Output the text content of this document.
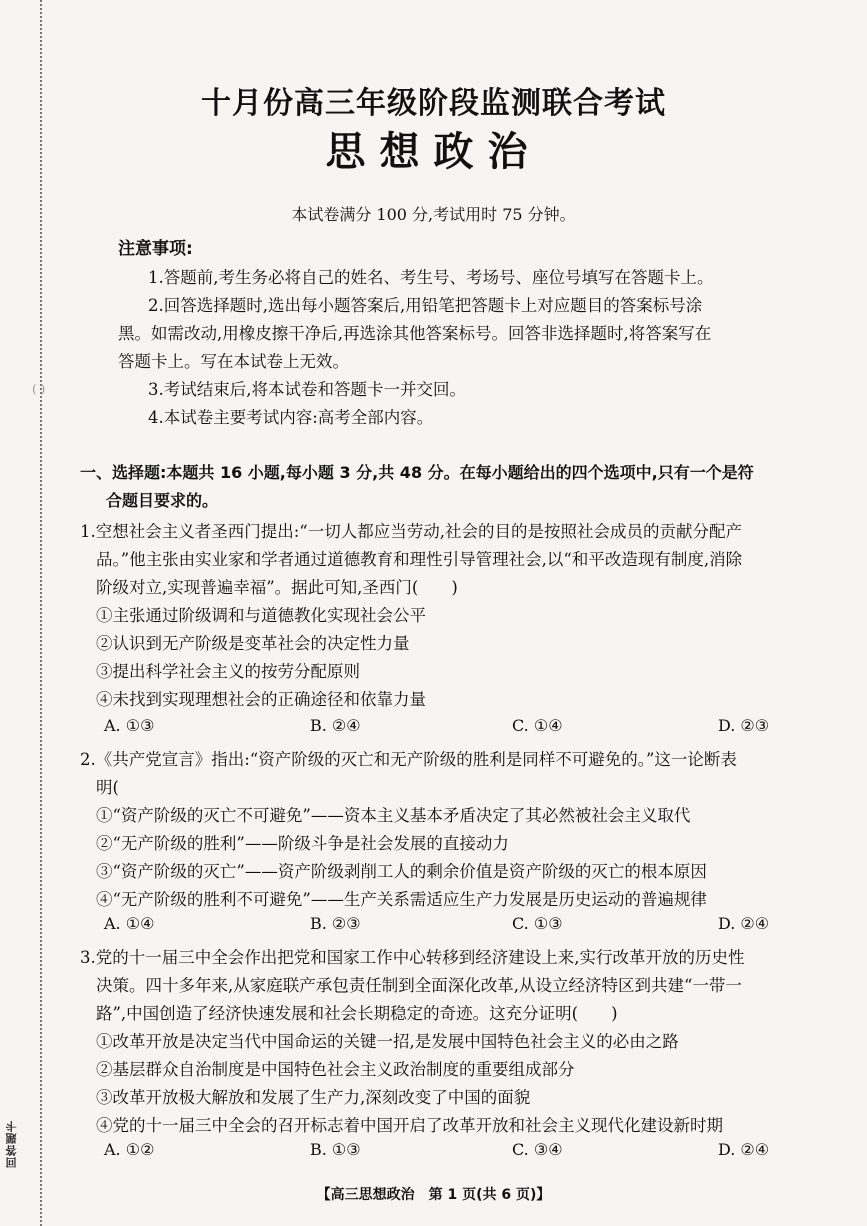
( )
回答题卡
十月份高三年级阶段监测联合考试
思想政治
本试卷满分 100 分,考试用时 75 分钟。
注意事项:
1.答题前,考生务必将自己的姓名、考生号、考场号、座位号填写在答题卡上。
2.回答选择题时,选出每小题答案后,用铅笔把答题卡上对应题目的答案标号涂
黑。如需改动,用橡皮擦干净后,再选涂其他答案标号。回答非选择题时,将答案写在
答题卡上。写在本试卷上无效。
3.考试结束后,将本试卷和答题卡一并交回。
4.本试卷主要考试内容:高考全部内容。
一、选择题:本题共 16 小题,每小题 3 分,共 48 分。在每小题给出的四个选项中,只有一个是符
合题目要求的。
1.空想社会主义者圣西门提出:“一切人都应当劳动,社会的目的是按照社会成员的贡献分配产
品。”他主张由实业家和学者通过道德教育和理性引导管理社会,以“和平改造现有制度,消除
阶级对立,实现普遍幸福”。据此可知,圣西门(　　)
①主张通过阶级调和与道德教化实现社会公平
②认识到无产阶级是变革社会的决定性力量
③提出科学社会主义的按劳分配原则
④未找到实现理想社会的正确途径和依靠力量
A. ①③	B. ②④	C. ①④	D. ②③
2.《共产党宣言》指出:“资产阶级的灭亡和无产阶级的胜利是同样不可避免的。”这一论断表
明(
①“资产阶级的灭亡不可避免”——资本主义基本矛盾决定了其必然被社会主义取代
②“无产阶级的胜利”——阶级斗争是社会发展的直接动力
③“资产阶级的灭亡”——资产阶级剥削工人的剩余价值是资产阶级的灭亡的根本原因
④“无产阶级的胜利不可避免”——生产关系需适应生产力发展是历史运动的普遍规律
A. ①④	B. ②③	C. ①③	D. ②④
3.党的十一届三中全会作出把党和国家工作中心转移到经济建设上来,实行改革开放的历史性
决策。四十多年来,从家庭联产承包责任制到全面深化改革,从设立经济特区到共建“一带一
路”,中国创造了经济快速发展和社会长期稳定的奇迹。这充分证明(　　)
①改革开放是决定当代中国命运的关键一招,是发展中国特色社会主义的必由之路
②基层群众自治制度是中国特色社会主义政治制度的重要组成部分
③改革开放极大解放和发展了生产力,深刻改变了中国的面貌
④党的十一届三中全会的召开标志着中国开启了改革开放和社会主义现代化建设新时期
A. ①②	B. ①③	C. ③④	D. ②④
【高三思想政治　第 1 页(共 6 页)】
